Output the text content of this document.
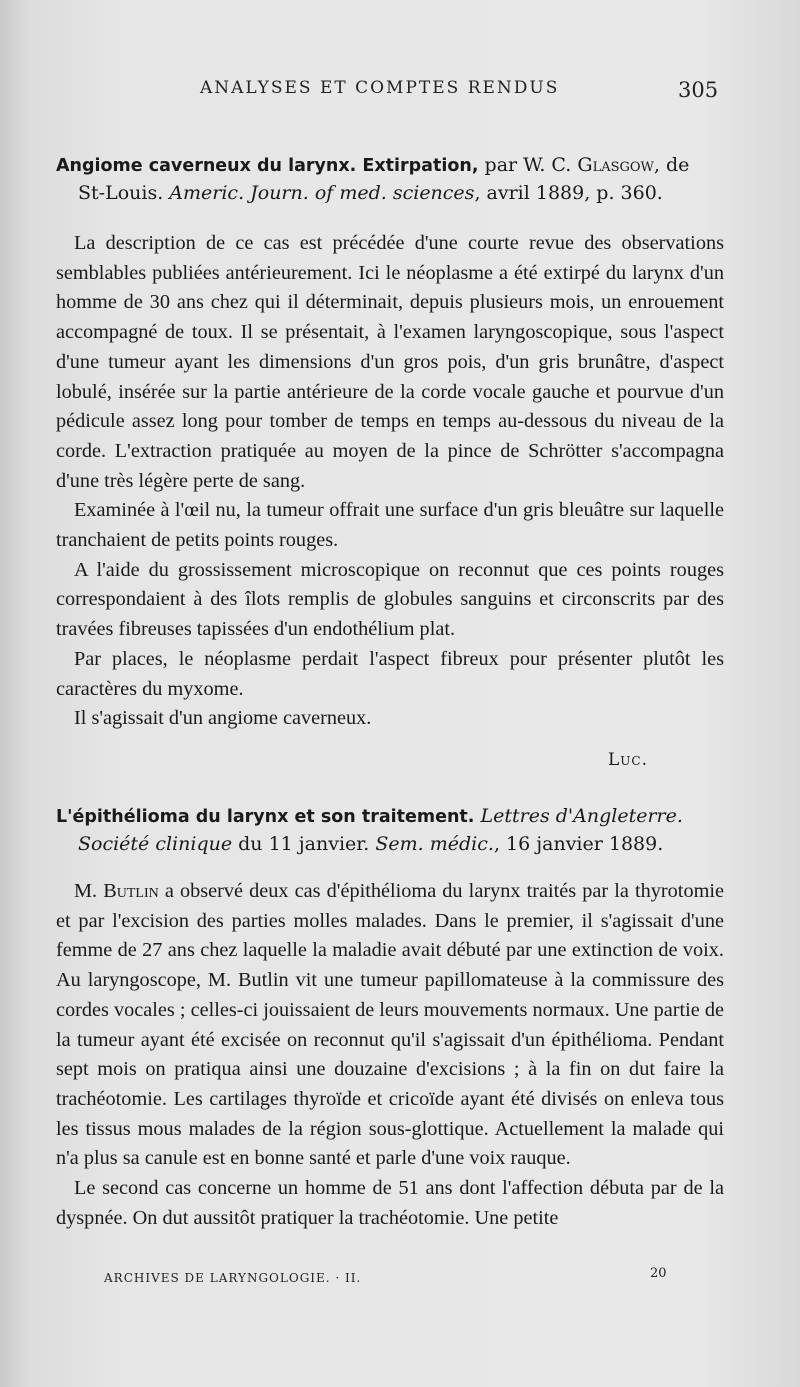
ANALYSES ET COMPTES RENDUS	305
Angiome caverneux du larynx. Extirpation, par W. C. Glasgow, de
St-Louis. Americ. Journ. of med. sciences, avril 1889, p. 360.

La description de ce cas est précédée d'une courte revue des observations semblables publiées antérieurement. Ici le néoplasme a été extirpé du larynx d'un homme de 30 ans chez qui il déterminait, depuis plusieurs mois, un enrouement accompagné de toux. Il se présentait, à l'examen laryngoscopique, sous l'aspect d'une tumeur ayant les dimensions d'un gros pois, d'un gris brunâtre, d'aspect lobulé, insérée sur la partie antérieure de la corde vocale gauche et pourvue d'un pédicule assez long pour tomber de temps en temps au-dessous du niveau de la corde. L'extraction pratiquée au moyen de la pince de Schrötter s'accompagna d'une très légère perte de sang.

Examinée à l'œil nu, la tumeur offrait une surface d'un gris bleuâtre sur laquelle tranchaient de petits points rouges.

A l'aide du grossissement microscopique on reconnut que ces points rouges correspondaient à des îlots remplis de globules sanguins et circonscrits par des travées fibreuses tapissées d'un endothélium plat.

Par places, le néoplasme perdait l'aspect fibreux pour présenter plutôt les caractères du myxome.

Il s'agissait d'un angiome caverneux.

Luc.
L'épithélioma du larynx et son traitement. Lettres d'Angleterre.
Société clinique du 11 janvier. Sem. médic., 16 janvier 1889.

M. Butlin a observé deux cas d'épithélioma du larynx traités par la thyrotomie et par l'excision des parties molles malades. Dans le premier, il s'agissait d'une femme de 27 ans chez laquelle la maladie avait débuté par une extinction de voix. Au laryngoscope, M. Butlin vit une tumeur papillomateuse à la commissure des cordes vocales ; celles-ci jouissaient de leurs mouvements normaux. Une partie de la tumeur ayant été excisée on reconnut qu'il s'agissait d'un épithélioma. Pendant sept mois on pratiqua ainsi une douzaine d'excisions ; à la fin on dut faire la trachéotomie. Les cartilages thyroïde et cricoïde ayant été divisés on enleva tous les tissus mous malades de la région sous-glottique. Actuellement la malade qui n'a plus sa canule est en bonne santé et parle d'une voix rauque.

Le second cas concerne un homme de 51 ans dont l'affection débuta par de la dyspnée. On dut aussitôt pratiquer la trachéotomie. Une petite

ARCHIVES DE LARYNGOLOGIE. · II.	20
